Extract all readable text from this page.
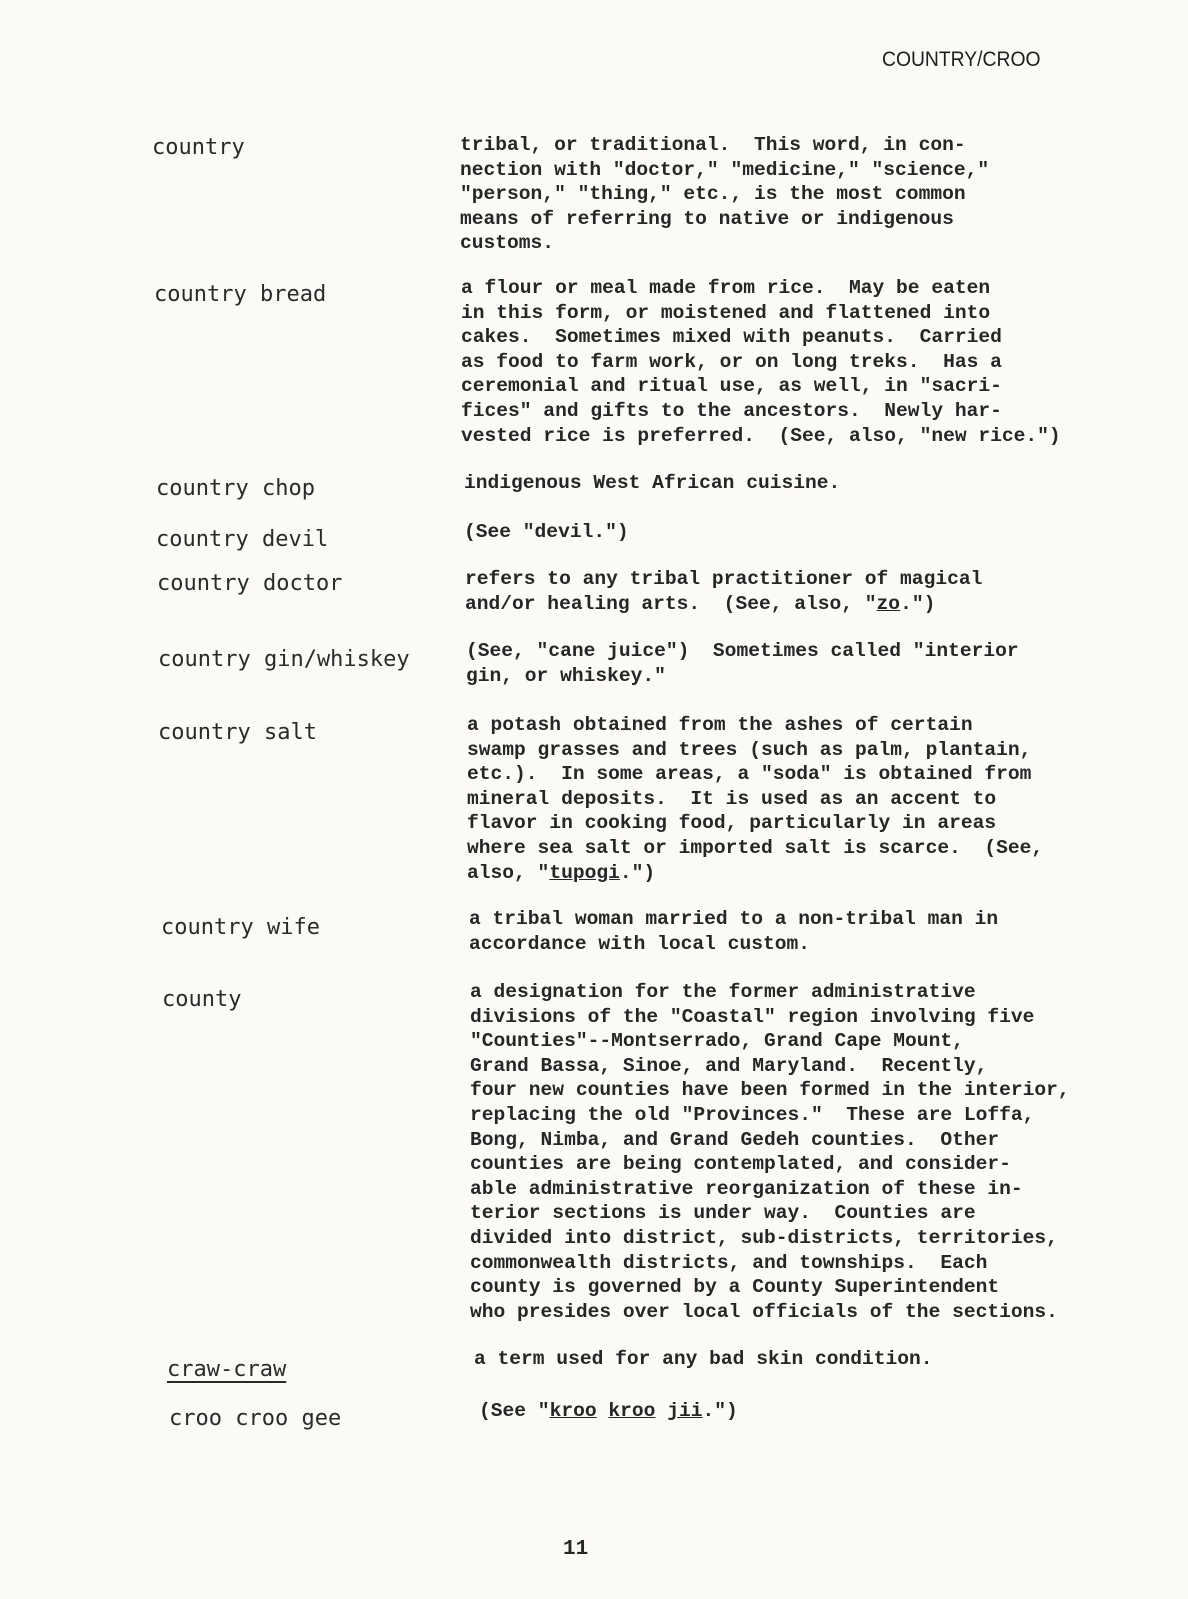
COUNTRY/CROO
country	tribal, or traditional.  This word, in con-
nection with "doctor," "medicine," "science,"
"person," "thing," etc., is the most common
means of referring to native or indigenous
customs.
country bread	a flour or meal made from rice.  May be eaten
in this form, or moistened and flattened into
cakes.  Sometimes mixed with peanuts.  Carried
as food to farm work, or on long treks.  Has a
ceremonial and ritual use, as well, in "sacri-
fices" and gifts to the ancestors.  Newly har-
vested rice is preferred.  (See, also, "new rice.")
country chop	indigenous West African cuisine.
country devil	(See "devil.")
country doctor	refers to any tribal practitioner of magical
and/or healing arts.  (See, also, "zo.")
country gin/whiskey	(See, "cane juice")  Sometimes called "interior
gin, or whiskey."
country salt	a potash obtained from the ashes of certain
swamp grasses and trees (such as palm, plantain,
etc.).  In some areas, a "soda" is obtained from
mineral deposits.  It is used as an accent to
flavor in cooking food, particularly in areas
where sea salt or imported salt is scarce.  (See,
also, "tupogi.")
country wife	a tribal woman married to a non-tribal man in
accordance with local custom.
county	a designation for the former administrative
divisions of the "Coastal" region involving five
"Counties"--Montserrado, Grand Cape Mount,
Grand Bassa, Sinoe, and Maryland.  Recently,
four new counties have been formed in the interior,
replacing the old "Provinces."  These are Loffa,
Bong, Nimba, and Grand Gedeh counties.  Other
counties are being contemplated, and consider-
able administrative reorganization of these in-
terior sections is under way.  Counties are
divided into district, sub-districts, territories,
commonwealth districts, and townships.  Each
county is governed by a County Superintendent
who presides over local officials of the sections.
craw-craw	a term used for any bad skin condition.
croo croo gee	(See "kroo kroo jii.")
11
